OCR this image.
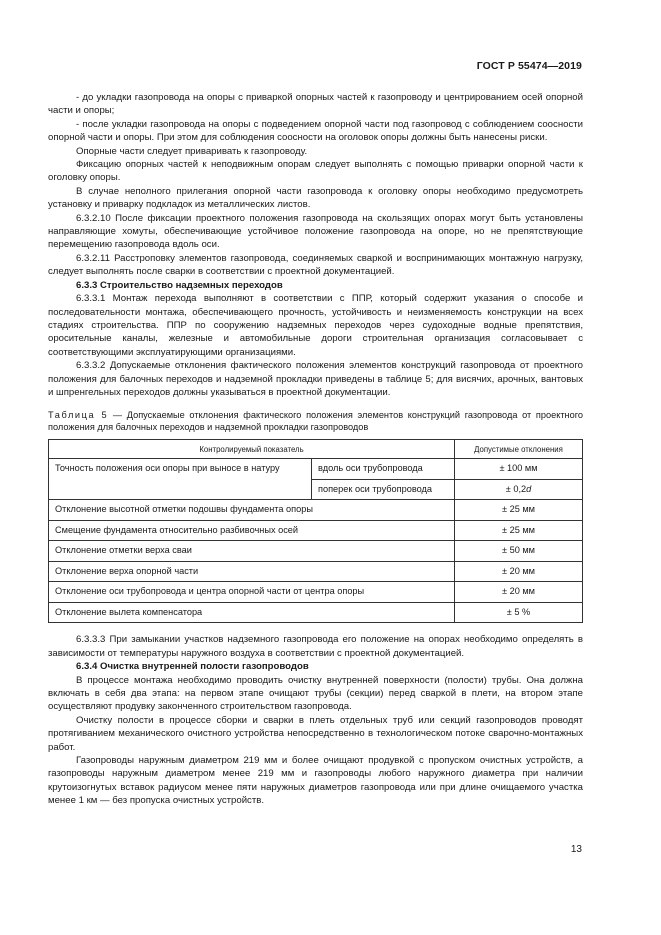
ГОСТ Р 55474—2019

- до укладки газопровода на опоры с приваркой опорных частей к газопроводу и центрированием осей опорной части и опоры;

- после укладки газопровода на опоры с подведением опорной части под газопровод с соблюдением соосности опорной части и опоры. При этом для соблюдения соосности на оголовок опоры должны быть нанесены риски.

Опорные части следует приваривать к газопроводу.

Фиксацию опорных частей к неподвижным опорам следует выполнять с помощью приварки опорной части к оголовку опоры.

В случае неполного прилегания опорной части газопровода к оголовку опоры необходимо предусмотреть установку и приварку подкладок из металлических листов.

6.3.2.10 После фиксации проектного положения газопровода на скользящих опорах могут быть установлены направляющие хомуты, обеспечивающие устойчивое положение газопровода на опоре, но не препятствующие перемещению газопровода вдоль оси.

6.3.2.11 Расстроповку элементов газопровода, соединяемых сваркой и воспринимающих монтажную нагрузку, следует выполнять после сварки в соответствии с проектной документацией.

6.3.3 Строительство надземных переходов

6.3.3.1 Монтаж перехода выполняют в соответствии с ППР, который содержит указания о способе и последовательности монтажа, обеспечивающего прочность, устойчивость и неизменяемость конструкции на всех стадиях строительства. ППР по сооружению надземных переходов через судоходные водные препятствия, оросительные каналы, железные и автомобильные дороги строительная организация согласовывает с соответствующими эксплуатирующими организациями.

6.3.3.2 Допускаемые отклонения фактического положения элементов конструкций газопровода от проектного положения для балочных переходов и надземной прокладки приведены в таблице 5; для висячих, арочных, вантовых и шпренгельных переходов должны указываться в проектной документации.

Таблица 5 — Допускаемые отклонения фактического положения элементов конструкций газопровода от проектного положения для балочных переходов и надземной прокладки газопроводов

Контролируемый показатель		Допустимые отклонения
Точность положения оси опоры при выносе в натуру	вдоль оси трубопровода	± 100 мм
	поперек оси трубопровода	± 0,2d
Отклонение высотной отметки подошвы фундамента опоры		± 25 мм
Смещение фундамента относительно разбивочных осей		± 25 мм
Отклонение отметки верха сваи		± 50 мм
Отклонение верха опорной части		± 20 мм
Отклонение оси трубопровода и центра опорной части от центра опоры		± 20 мм
Отклонение вылета компенсатора		± 5 %

6.3.3.3 При замыкании участков надземного газопровода его положение на опорах необходимо определять в зависимости от температуры наружного воздуха в соответствии с проектной документацией.

6.3.4 Очистка внутренней полости газопроводов

В процессе монтажа необходимо проводить очистку внутренней поверхности (полости) трубы. Она должна включать в себя два этапа: на первом этапе очищают трубы (секции) перед сваркой в плети, на втором этапе осуществляют продувку законченного строительством газопровода.

Очистку полости в процессе сборки и сварки в плеть отдельных труб или секций газопроводов проводят протягиванием механического очистного устройства непосредственно в технологическом потоке сварочно-монтажных работ.

Газопроводы наружным диаметром 219 мм и более очищают продувкой с пропуском очистных устройств, а газопроводы наружным диаметром менее 219 мм и газопроводы любого наружного диаметра при наличии крутоизогнутых вставок радиусом менее пяти наружных диаметров газопровода или при длине очищаемого участка менее 1 км — без пропуска очистных устройств.

13
